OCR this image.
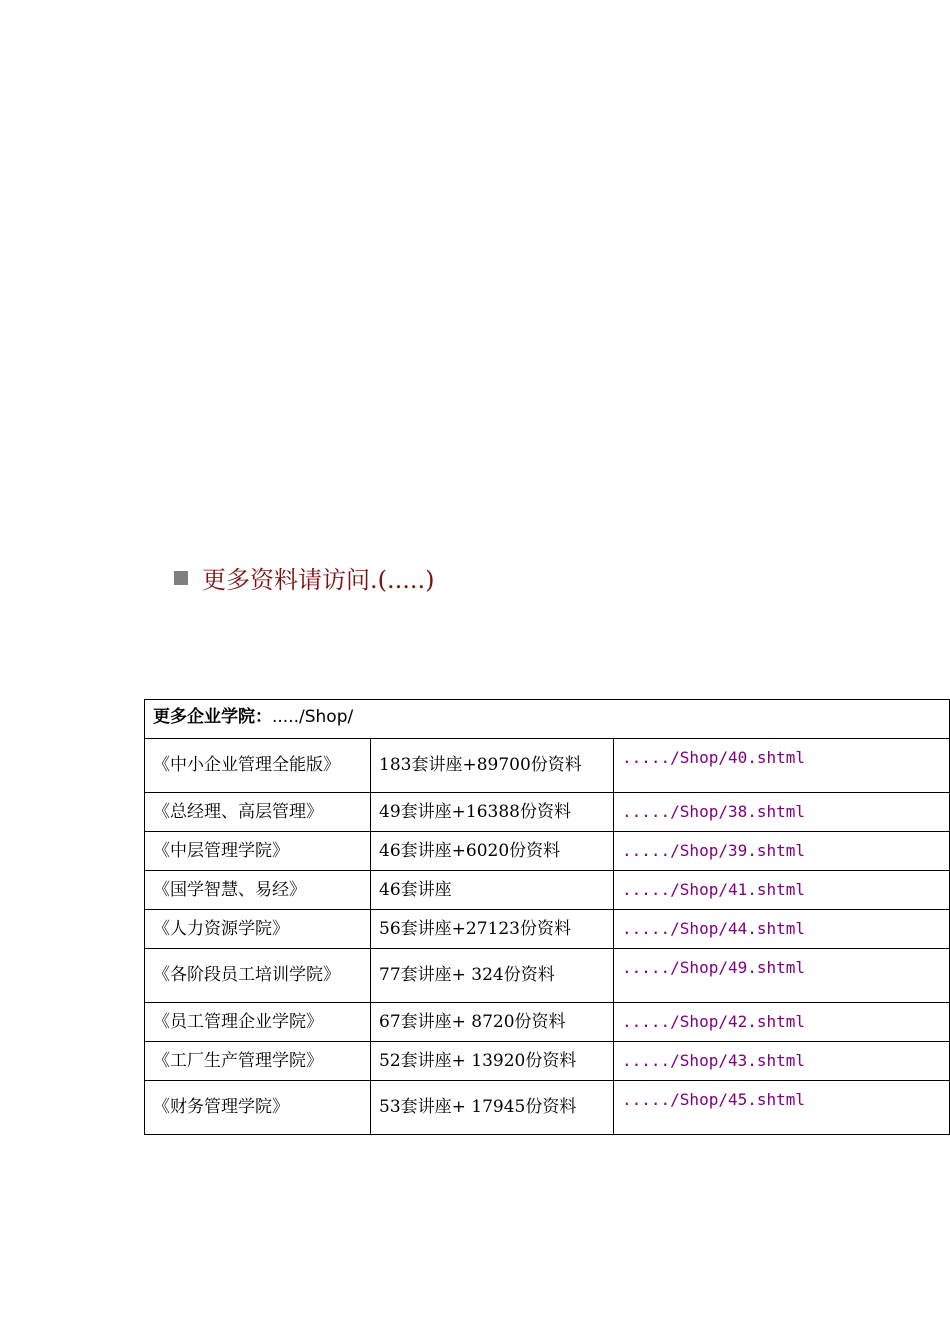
更多资料请访问.(.....)
更多企业学院：...../Shop/		
《中小企业管理全能版》	183套讲座+89700份资料	...../Shop/40.shtml

《总经理、高层管理》	49套讲座+16388份资料	...../Shop/38.shtml

《中层管理学院》	46套讲座+6020份资料	...../Shop/39.shtml

《国学智慧、易经》	46套讲座	...../Shop/41.shtml

《人力资源学院》	56套讲座+27123份资料	...../Shop/44.shtml

《各阶段员工培训学院》	77套讲座+ 324份资料	...../Shop/49.shtml

《员工管理企业学院》	67套讲座+ 8720份资料	...../Shop/42.shtml

《工厂生产管理学院》	52套讲座+ 13920份资料	...../Shop/43.shtml

《财务管理学院》	53套讲座+ 17945份资料	...../Shop/45.shtml
